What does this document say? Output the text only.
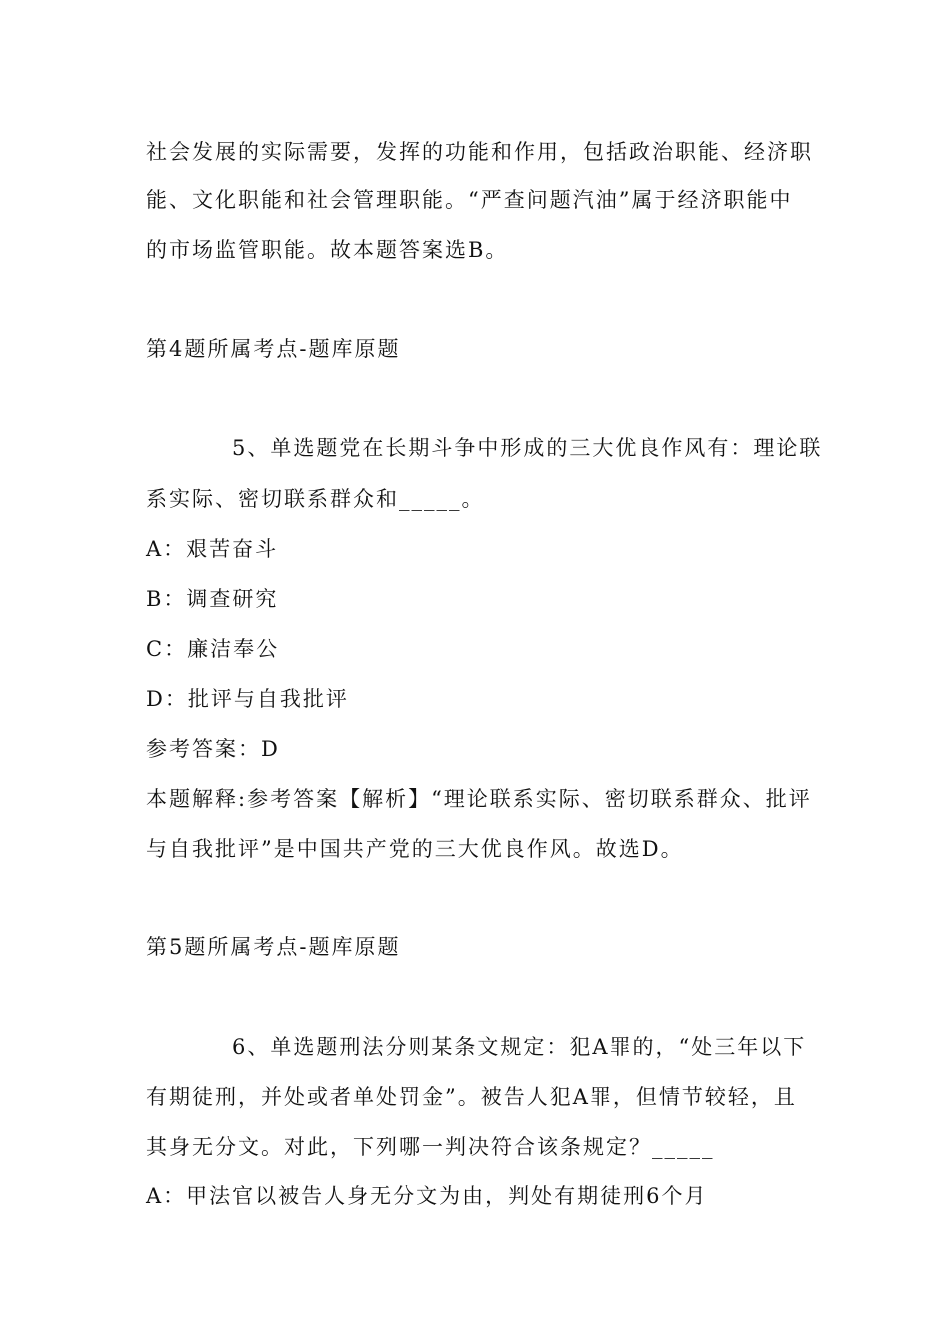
社会发展的实际需要，发挥的功能和作用，包括政治职能、经济职
能、文化职能和社会管理职能。“严查问题汽油”属于经济职能中
的市场监管职能。故本题答案选B。
第4题所属考点-题库原题
5、单选题党在长期斗争中形成的三大优良作风有：理论联
系实际、密切联系群众和_____。
A：艰苦奋斗
B：调查研究
C：廉洁奉公
D：批评与自我批评
参考答案：D
本题解释:参考答案【解析】“理论联系实际、密切联系群众、批评
与自我批评”是中国共产党的三大优良作风。故选D。
第5题所属考点-题库原题
6、单选题刑法分则某条文规定：犯A罪的，“处三年以下
有期徒刑，并处或者单处罚金”。被告人犯A罪，但情节较轻，且
其身无分文。对此，下列哪一判决符合该条规定？_____
A：甲法官以被告人身无分文为由，判处有期徒刑6个月
